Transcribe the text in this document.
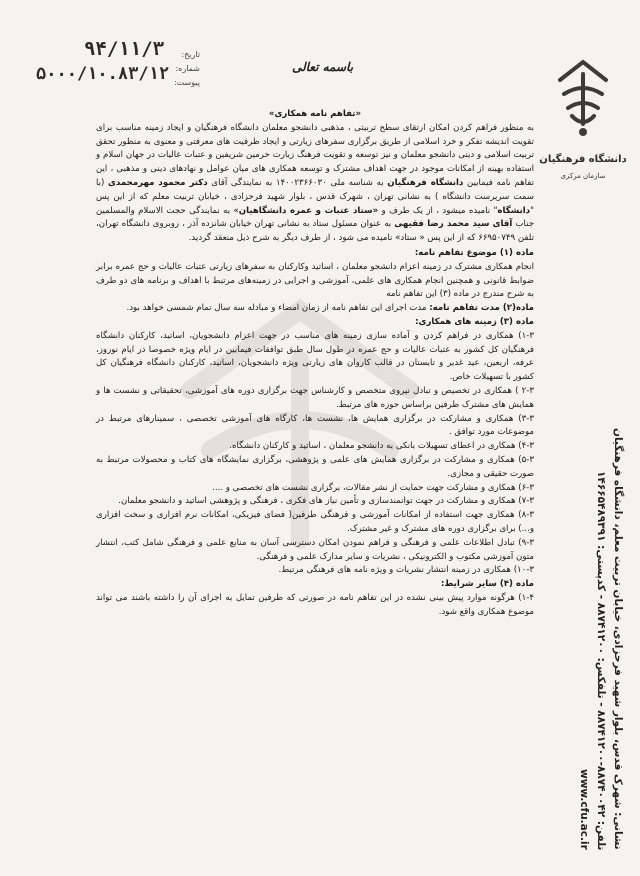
۹۴/۱۱/۳
۵۰۰۰/۱۰.۸۳/۱۲
تاریخ:
شماره:
پیوست:
باسمه تعالی
دانشگاه فرهنگیان
سازمان مرکزی
نشانی: شهرک قدس، بلوار شهید فرحزادی، خیابان تربیت معلم، دانشگاه فرهنگیان
تلفن: ۸۸۷۴۰۰۴۲-۸۸۷۴۱۲۰۰ - تلفکس: ۸۸۷۴۱۲۰۰ - کدپستی: ۱۴۶۶۵۴۸۹۳۹۱
www.cfu.ac.ir

«تفاهم نامه همکاری»

به منظور فراهم کردن امکان ارتقای سطح تربیتی ، مذهبی دانشجو معلمان دانشگاه فرهنگیان و ایجاد زمینه مناسب برای تقویت اندیشه تفکر و خرد اسلامی از طریق برگزاری سفرهای زیارتی و ایجاد ظرفیت های معرفتی و معنوی به منظور تحقق تربیت اسلامی و دینی دانشجو معلمان و نیز توسعه و تقویت فرهنگ زیارت حرمین شریفین و عتبات عالیات در جهان اسلام و استفاده بهینه از امکانات موجود در جهت اهداف مشترک و توسعه همکاری های میان عوامل و نهادهای دینی و مذهبی ، این تفاهم نامه فیمابین دانشگاه فرهنگیان به شناسه ملی ۱۴۰۰۲۳۶۶۰۳۰ به نمایندگی آقای دکتر محمود مهرمحمدی (با سمت سرپرست دانشگاه ) به نشانی تهران ، شهرک قدس ، بلوار شهید فرحزادی ، خیابان تربیت معلم که از این پس "دانشگاه" نامیده میشود ، از یک طرف و «ستاد عتبات و عمره دانشگاهیان» به نمایندگی حجت الاسلام والمسلمین جناب آقای سید محمد رضا فقیهی به عنوان مسئول ستاد به نشانی تهران خیابان شانزده آذر ، روبروی دانشگاه تهران، تلفن ۶۶۹۵۰۷۴۹ که از این پس « ستاد» نامیده می شود ، از طرف دیگر به شرح ذیل منعقد گردید.

ماده (۱) موضوع تفاهم نامه:

انجام همکاری مشترک در زمینه اعزام دانشجو معلمان ، اساتید وکارکنان به سفرهای زیارتی عتبات عالیات و حج عمره برابر ضوابط قانونی و همچنین انجام همکاری های علمی، آموزشی و اجرایی در زمینه‌های مرتبط با اهداف و برنامه های دو طرف به شرح مندرج در ماده (۳) این تفاهم نامه

ماده(۲) مدت تفاهم نامه: مدت اجرای این تفاهم نامه از زمان امضاء و مبادله سه سال تمام شمسی خواهد بود.

ماده (۳) زمینه های همکاری:

۱-۳) همکاری در فراهم کردن و آماده سازی زمینه های مناسب در جهت اعزام دانشجویان، اساتید، کارکنان دانشگاه فرهنگیان کل کشور به عتبات عالیات و حج عمره در طول سال طبق توافقات فیمابین در ایام ویژه خصوصا در ایام نوروز، عرفه، اربعین، عید غدیر و تابستان در قالب کاروان های زیارتی ویژه دانشجویان، اساتید، کارکنان دانشگاه فرهنگیان کل کشور با تسهیلات خاص.

۲-۳ ) همکاری در تخصیص و تبادل نیروی متخصص و کارشناس جهت برگزاری دوره های آموزشی، تحقیقاتی و نشست ها و همایش های مشترک طرفین براساس حوزه های مرتبط.

۳-۳) همکاری و مشارکت در برگزاری همایش ها، نشست ها، کارگاه های آموزشی تخصصی ، سمینارهای مرتبط در موضوعات مورد توافق .

۴-۳) همکاری در اعطای تسهیلات بانکی به دانشجو معلمان ، اساتید و کارکنان دانشگاه.

۵-۳) همکاری و مشارکت در برگزاری همایش های علمی و پژوهشی، برگزاری نمایشگاه های کتاب و محصولات مرتبط به صورت حقیقی و مجازی.

۶-۳) همکاری و مشارکت جهت حمایت از نشر مقالات، برگزاری نشست های تخصصی و ....

۷-۳) همکاری و مشارکت در جهت توانمندسازی و تأمین نیاز های فکری ، فرهنگی و پژوهشی اساتید و دانشجو معلمان.

۸-۳) همکاری جهت استفاده از امکانات آموزشی و فرهنگی طرفین( فضای فیزیکی، امکانات نرم افزاری و سخت افزاری و...) برای برگزاری دوره های مشترک و غیر مشترک.

۹-۳) تبادل اطلاعات علمی و فرهنگی و فراهم نمودن امکان دسترسی آسان به منابع علمی و فرهنگی شامل کتب، انتشار متون آموزشی مکتوب و الکترونیکی ، نشریات و سایر مدارک علمی و فرهنگی.

۱۰-۳) همکاری در زمینه انتشار نشریات و ویژه نامه های فرهنگی مرتبط.

ماده (۴) سایر شرایط:

۱-۴) هرگونه موارد پیش بینی نشده در این تفاهم نامه در صورتی که طرفین تمایل به اجرای آن را داشته باشند می تواند موضوع همکاری واقع شود.
